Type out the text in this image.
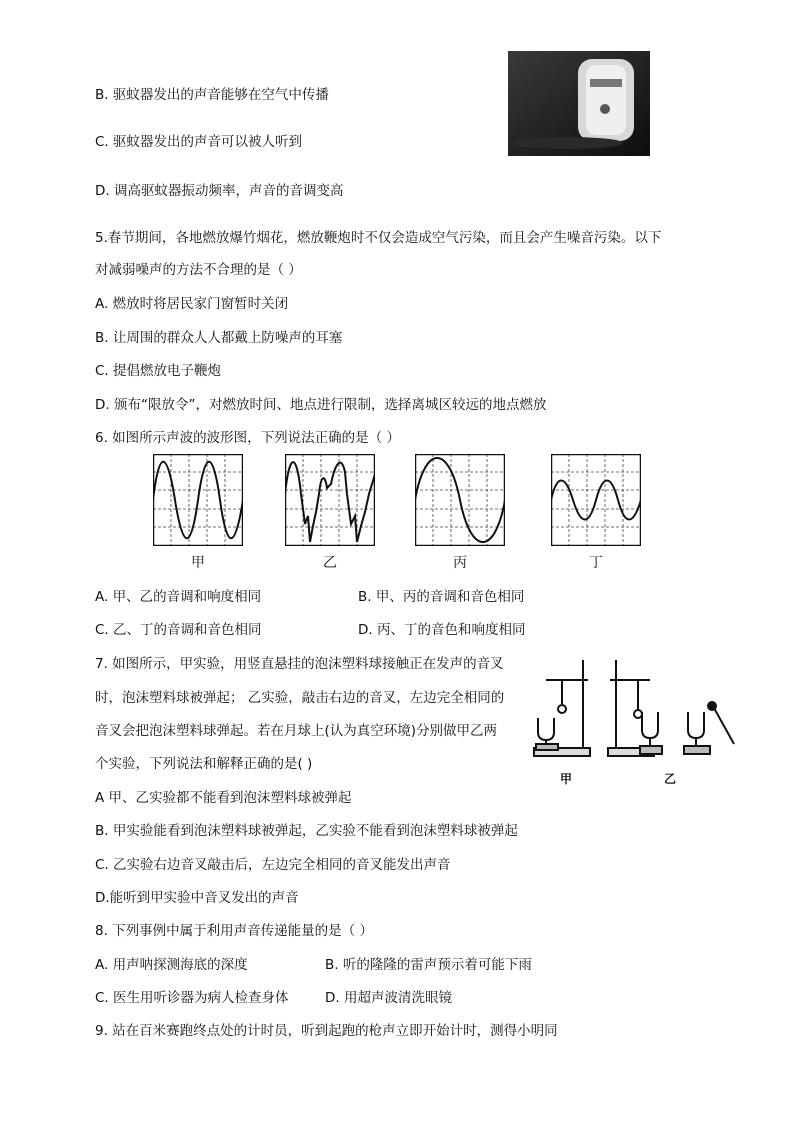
B. 驱蚊器发出的声音能够在空气中传播
C. 驱蚊器发出的声音可以被人听到
D. 调高驱蚊器振动频率，声音的音调变高
5.春节期间，各地燃放爆竹烟花，燃放鞭炮时不仅会造成空气污染，而且会产生噪音污染。以下
对减弱噪声的方法不合理的是（ ）
A. 燃放时将居民家门窗暂时关闭
B. 让周围的群众人人都戴上防噪声的耳塞
C. 提倡燃放电子鞭炮
D. 颁布“限放令”，对燃放时间、地点进行限制，选择离城区较远的地点燃放
6. 如图所示声波的波形图，下列说法正确的是（ ）
甲	乙	丙	丁
A. 甲、乙的音调和响度相同	B. 甲、丙的音调和音色相同
C. 乙、丁的音调和音色相同	D. 丙、丁的音色和响度相同
7. 如图所示，甲实验，用竖直悬挂的泡沫塑料球接触正在发声的音叉
时，泡沫塑料球被弹起； 乙实验，敲击右边的音叉，左边完全相同的
音叉会把泡沫塑料球弹起。若在月球上(认为真空环境)分别做甲乙两
个实验，下列说法和解释正确的是( )
甲	乙
A 甲、乙实验都不能看到泡沫塑料球被弹起
B. 甲实验能看到泡沫塑料球被弹起，乙实验不能看到泡沫塑料球被弹起
C. 乙实验右边音叉敲击后，左边完全相同的音叉能发出声音
D.能听到甲实验中音叉发出的声音
8. 下列事例中属于利用声音传递能量的是（ ）
A. 用声呐探测海底的深度	B. 听的隆隆的雷声预示着可能下雨
C. 医生用听诊器为病人检查身体	D. 用超声波清洗眼镜
9. 站在百米赛跑终点处的计时员，听到起跑的枪声立即开始计时，测得小明同
